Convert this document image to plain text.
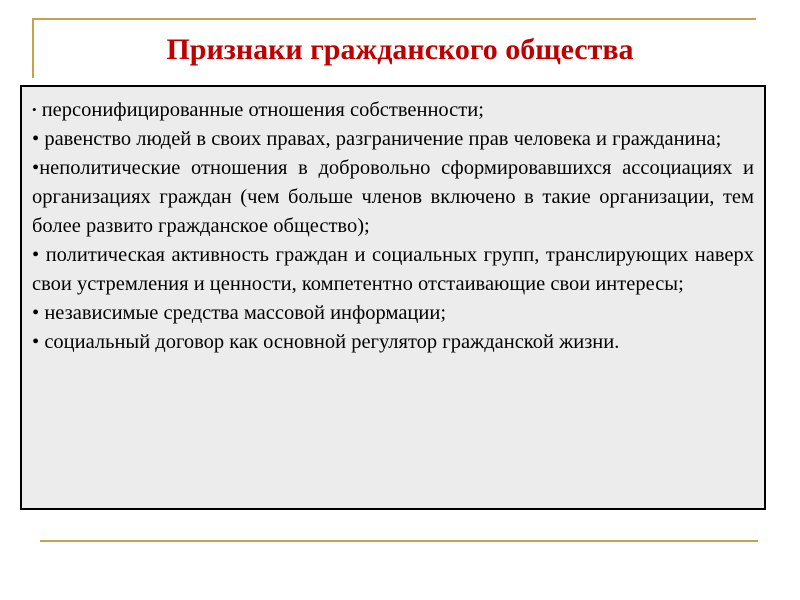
Признаки гражданского общества

• персонифицированные отношения собственности;

• равенство людей в своих правах, разграничение прав человека и гражданина;

•неполитические отношения в добровольно сформировавшихся ассоциациях и организациях граждан (чем больше членов включено в такие организации, тем более развито гражданское общество);

• политическая активность граждан и социальных групп, транслирующих наверх свои устремления и ценности, компетентно отстаивающие свои интересы;

• независимые средства массовой информации;

• социальный договор как основной регулятор гражданской жизни.
